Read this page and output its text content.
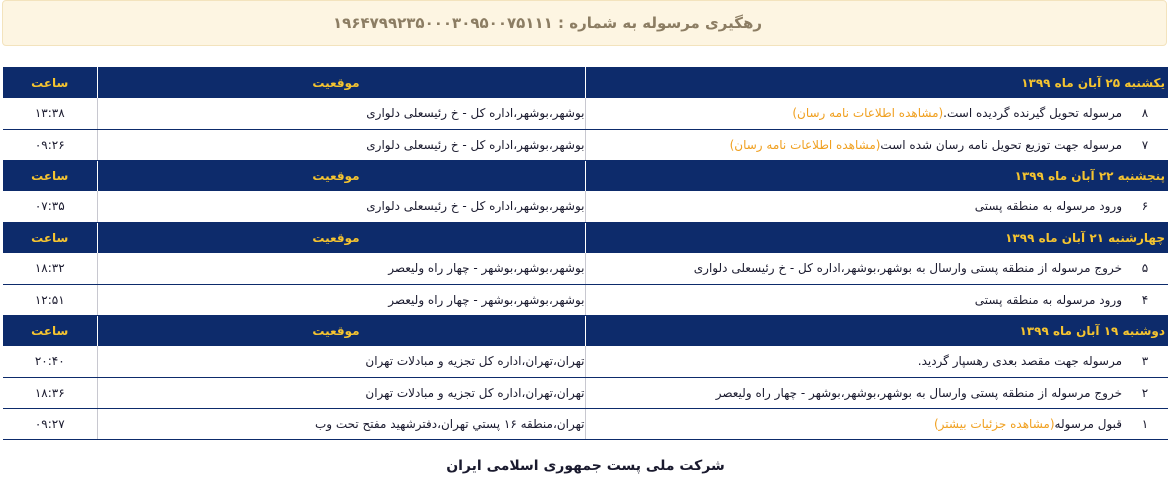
رهگیری مرسوله به شماره : ۱۹۶۴۷۹۹۲۳۵۰۰۰۳۰۹۵۰۰۷۵۱۱۱
یکشنبه ۲۵ آبان ماه ۱۳۹۹		موقعیت	ساعت
۸	مرسوله تحویل گیرنده گردیده است.(مشاهده اطلاعات نامه رسان)	بوشهر،بوشهر،اداره کل - خ رئیسعلی دلواری	۱۳:۳۸
۷	مرسوله جهت توزیع تحویل نامه رسان شده است(مشاهده اطلاعات نامه رسان)	بوشهر،بوشهر،اداره کل - خ رئیسعلی دلواری	۰۹:۲۶
پنجشنبه ۲۲ آبان ماه ۱۳۹۹		موقعیت	ساعت
۶	ورود مرسوله به منطقه پستی	بوشهر،بوشهر،اداره کل - خ رئیسعلی دلواری	۰۷:۳۵
چهارشنبه ۲۱ آبان ماه ۱۳۹۹		موقعیت	ساعت
۵	خروج مرسوله از منطقه پستی وارسال به بوشهر،بوشهر،اداره کل - خ رئیسعلی دلواری	بوشهر،بوشهر،بوشهر - چهار راه ولیعصر	۱۸:۳۲
۴	ورود مرسوله به منطقه پستی	بوشهر،بوشهر،بوشهر - چهار راه ولیعصر	۱۲:۵۱
دوشنبه ۱۹ آبان ماه ۱۳۹۹		موقعیت	ساعت
۳	مرسوله جهت مقصد بعدی رهسپار گردید.	تهران،تهران،اداره کل تجزیه و مبادلات تهران	۲۰:۴۰
۲	خروج مرسوله از منطقه پستی وارسال به بوشهر،بوشهر،بوشهر - چهار راه ولیعصر	تهران،تهران،اداره کل تجزیه و مبادلات تهران	۱۸:۳۶
۱	قبول مرسوله(مشاهده جزئیات بیشتر)	تهران،منطقه ۱۶ پستي تهران،دفترشهید مفتح تحت وب	۰۹:۲۷
شرکت ملی پست جمهوری اسلامی ایران
